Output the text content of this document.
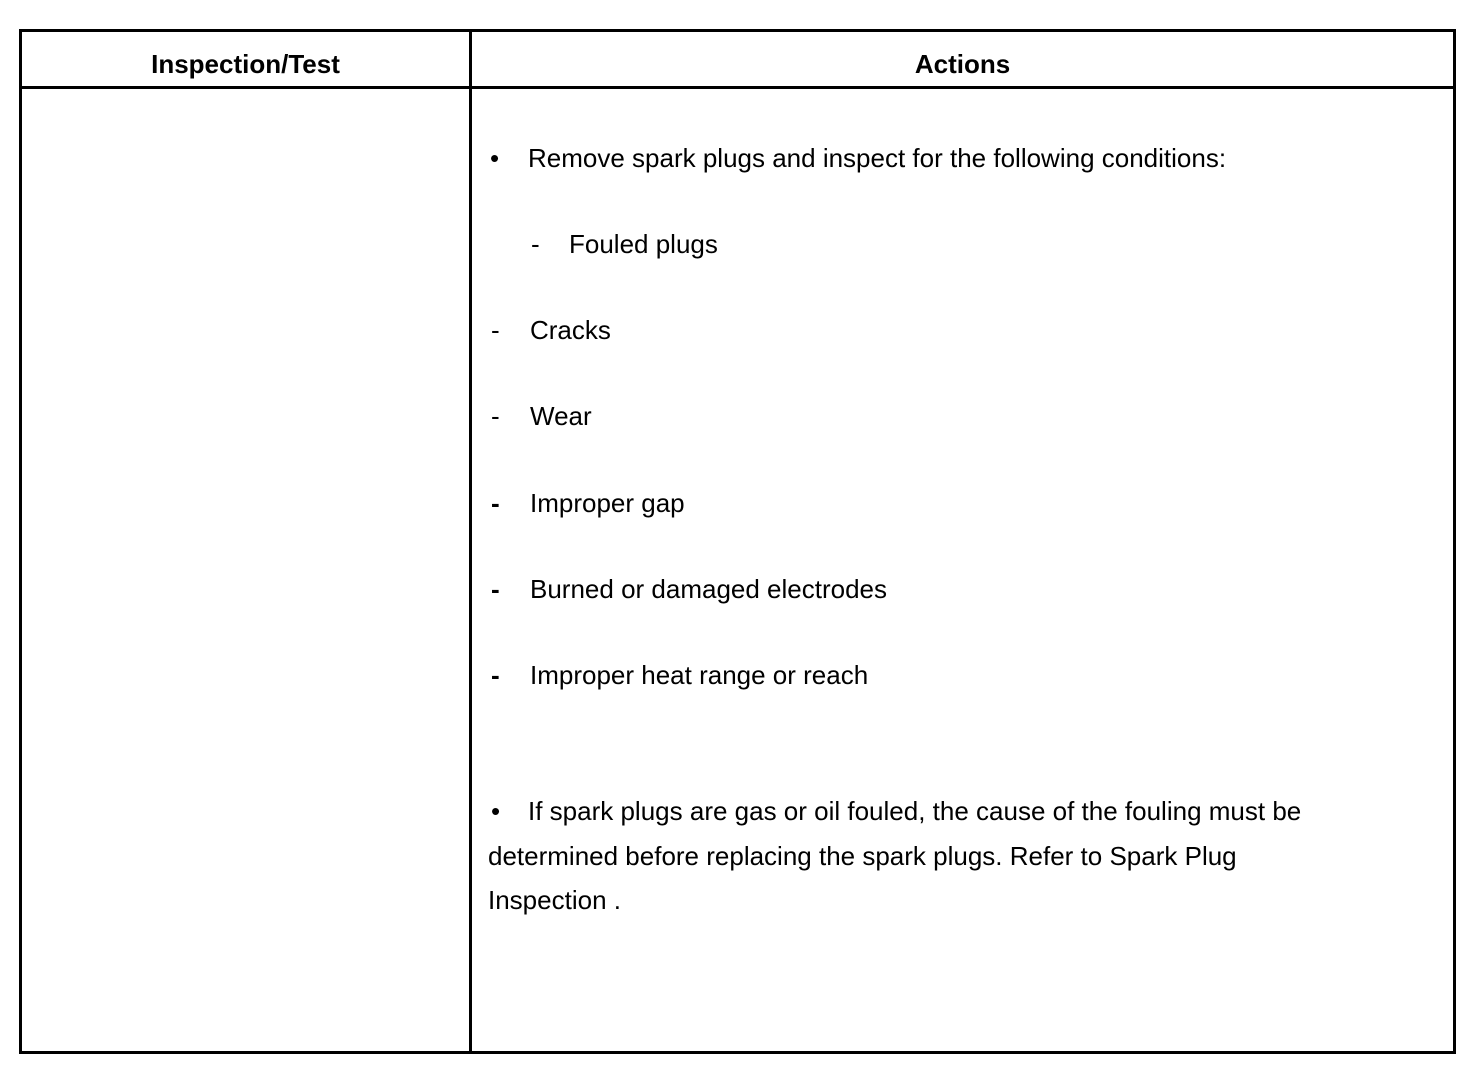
Inspection/Test	Actions
• Remove spark plugs and inspect for the following conditions:
- Fouled plugs
- Cracks
- Wear
- Improper gap
- Burned or damaged electrodes
- Improper heat range or reach
• If spark plugs are gas or oil fouled, the cause of the fouling must be determined before replacing the spark plugs. Refer to Spark Plug Inspection .
